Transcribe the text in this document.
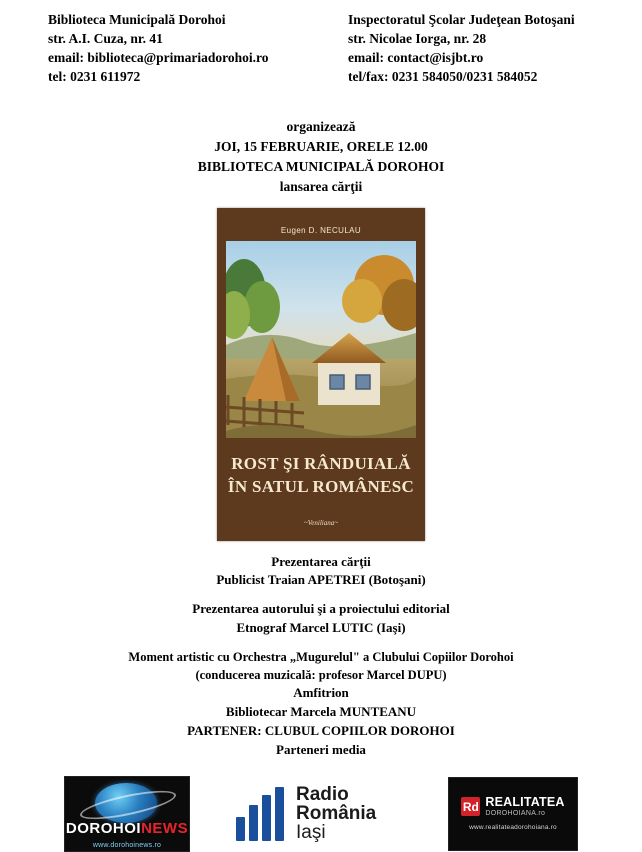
Biblioteca Municipală Dorohoi
str. A.I. Cuza, nr. 41
email: biblioteca@primariadorohoi.ro
tel: 0231 611972
Inspectoratul Şcolar Judeţean Botoşani
str. Nicolae Iorga, nr. 28
email: contact@isjbt.ro
tel/fax: 0231 584050/0231 584052
organizează
JOI, 15 FEBRUARIE, ORELE 12.00
BIBLIOTECA MUNICIPALĂ DOROHOI
lansarea cărţii
Eugen D. NECULAU
ROST ŞI RÂNDUIALĂ
ÎN SATUL ROMÂNESC
~Veniliana~
Prezentarea cărţii
Publicist Traian APETREI (Botoşani)
Prezentarea autorului şi a proiectului editorial
Etnograf Marcel LUTIC (Iaşi)
Moment artistic cu Orchestra „Mugurelul" a Clubului Copiilor Dorohoi
(conducerea muzicală: profesor Marcel DUPU)
Amfitrion
Bibliotecar Marcela MUNTEANU
PARTENER: CLUBUL COPIILOR DOROHOI
Parteneri media
DOROHOINEWS
www.dorohoinews.ro
Radio
România
Iaşi
Rd REALITATEA
DOROHOIANA.ro
www.realitateadorohoiana.ro
